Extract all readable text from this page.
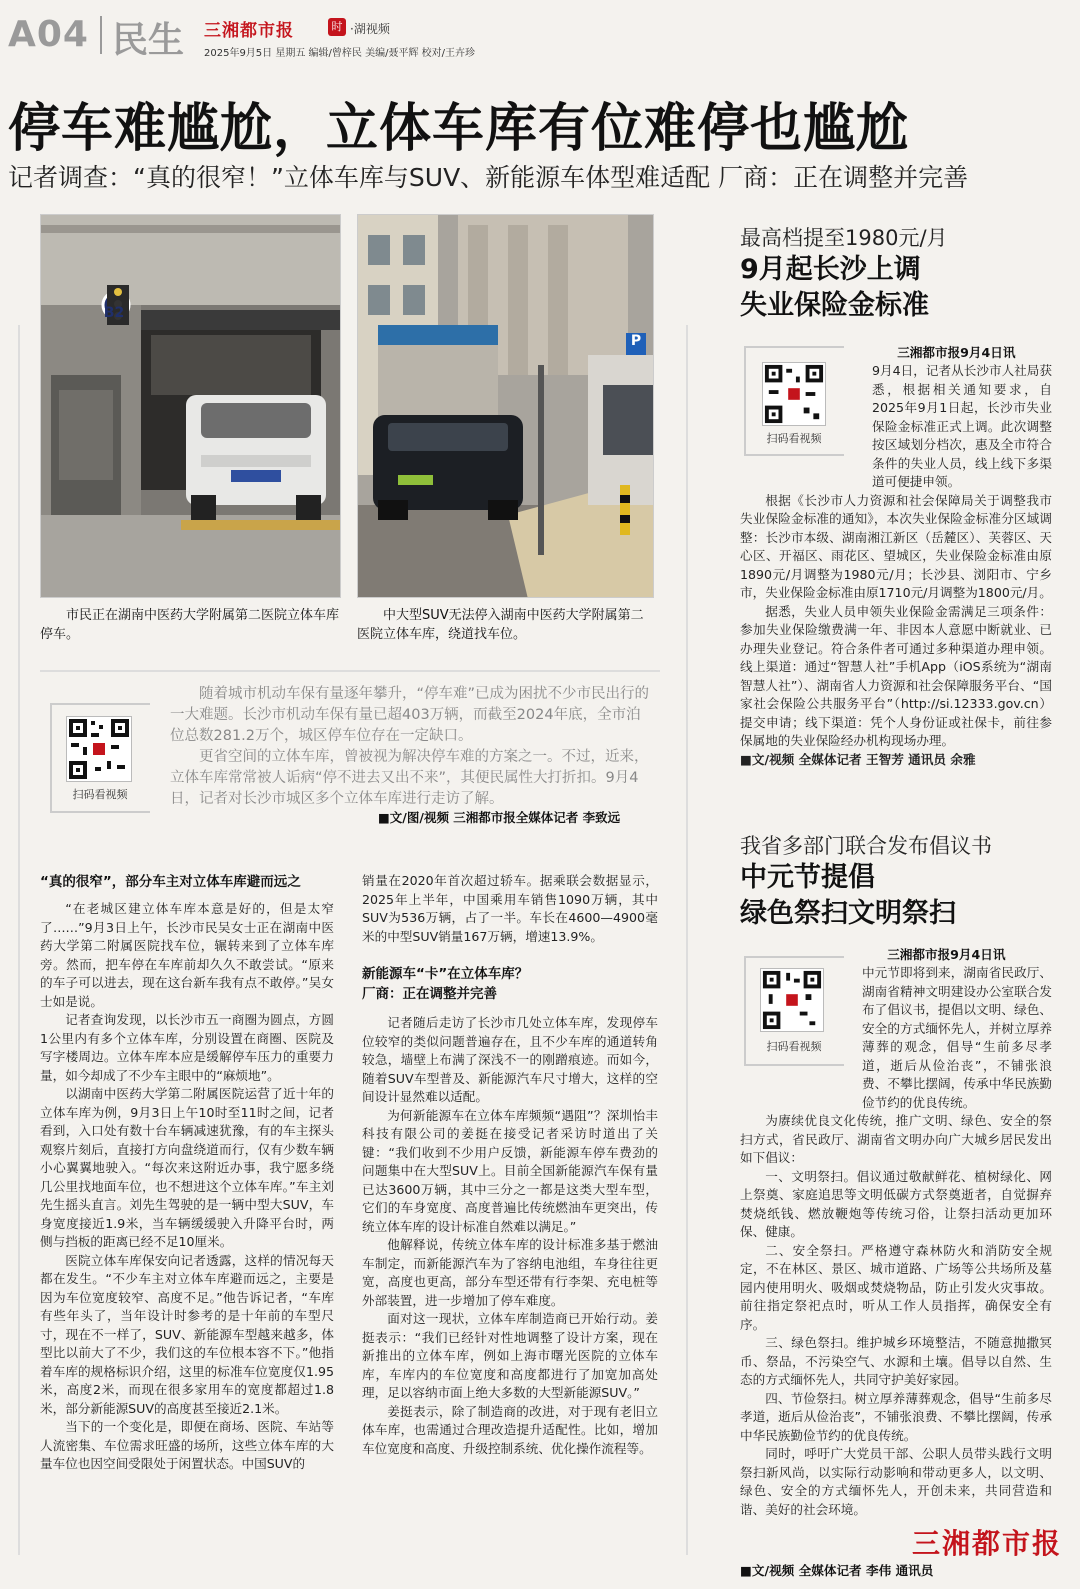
A04 民生 三湘都市报	时 ·湖视频
2025年9月5日 星期五 编辑/曾梓民 美编/聂平辉 校对/王卉珍
停车难尴尬，立体车库有位难停也尴尬
记者调查：“真的很窄！”立体车库与SUV、新能源车体型难适配 厂商：正在调整并完善
B2
P
市民正在湖南中医药大学附属第二医院立体车库停车。
中大型SUV无法停入湖南中医药大学附属第二医院立体车库，绕道找车位。
扫码看视频

随着城市机动车保有量逐年攀升，“停车难”已成为困扰不少市民出行的一大难题。长沙市机动车保有量已超403万辆，而截至2024年底，全市泊位总数281.2万个，城区停车位存在一定缺口。

更省空间的立体车库，曾被视为解决停车难的方案之一。不过，近来，立体车库常常被人诟病“停不进去又出不来”，其便民属性大打折扣。9月4日，记者对长沙市城区多个立体车库进行走访了解。

■文/图/视频 三湘都市报全媒体记者 李致远
“真的很窄”，部分车主对立体车库避而远之

“在老城区建立体车库本意是好的，但是太窄了……”9月3日上午，长沙市民吴女士正在湖南中医药大学第二附属医院找车位，辗转来到了立体车库旁。然而，把车停在车库前却久久不敢尝试。“原来的车子可以进去，现在这台新车我有点不敢停。”吴女士如是说。

记者查询发现，以长沙市五一商圈为圆点，方圆1公里内有多个立体车库，分别设置在商圈、医院及写字楼周边。立体车库本应是缓解停车压力的重要力量，如今却成了不少车主眼中的“麻烦地”。

以湖南中医药大学第二附属医院运营了近十年的立体车库为例，9月3日上午10时至11时之间，记者看到，入口处有数十台车辆减速犹豫，有的车主探头观察片刻后，直接打方向盘绕道而行，仅有少数车辆小心翼翼地驶入。“每次来这附近办事，我宁愿多绕几公里找地面车位，也不想进这个立体车库。”车主刘先生摇头直言。刘先生驾驶的是一辆中型大SUV，车身宽度接近1.9米，当车辆缓缓驶入升降平台时，两侧与挡板的距离已经不足10厘米。

医院立体车库保安向记者透露，这样的情况每天都在发生。“不少车主对立体车库避而远之，主要是因为车位宽度较窄、高度不足。”他告诉记者，“车库有些年头了，当年设计时参考的是十年前的车型尺寸，现在不一样了，SUV、新能源车型越来越多，体型比以前大了不少，我们这的车位根本容不下。”他指着车库的规格标识介绍，这里的标准车位宽度仅1.95米，高度2米，而现在很多家用车的宽度都超过1.8米，部分新能源SUV的高度甚至接近2.1米。

当下的一个变化是，即便在商场、医院、车站等人流密集、车位需求旺盛的场所，这些立体车库的大量车位也因空间受限处于闲置状态。中国SUV的

销量在2020年首次超过轿车。据乘联会数据显示，2025年上半年，中国乘用车销售1090万辆，其中SUV为536万辆，占了一半。车长在4600—4900毫米的中型SUV销量167万辆，增速13.9%。

新能源车“卡”在立体车库？
厂商：正在调整并完善

记者随后走访了长沙市几处立体车库，发现停车位较窄的类似问题普遍存在，且不少车库的通道转角较急，墙壁上布满了深浅不一的刚蹭痕迹。而如今，随着SUV车型普及、新能源汽车尺寸增大，这样的空间设计显然难以适配。

为何新能源车在立体车库频频“遇阻”？深圳怡丰科技有限公司的姜挺在接受记者采访时道出了关键：“我们收到不少用户反馈，新能源车停车费劲的问题集中在大型SUV上。目前全国新能源汽车保有量已达3600万辆，其中三分之一都是这类大型车型，它们的车身宽度、高度普遍比传统燃油车更突出，传统立体车库的设计标准自然难以满足。”

他解释说，传统立体车库的设计标准多基于燃油车制定，而新能源汽车为了容纳电池组，车身往往更宽，高度也更高，部分车型还带有行李架、充电桩等外部装置，进一步增加了停车难度。

面对这一现状，立体车库制造商已开始行动。姜挺表示：“我们已经针对性地调整了设计方案，现在新推出的立体车库，例如上海市曙光医院的立体车库，车库内的车位宽度和高度都进行了加宽加高处理，足以容纳市面上绝大多数的大型新能源SUV。”

姜挺表示，除了制造商的改进，对于现有老旧立体车库，也需通过合理改造提升适配性。比如，增加车位宽度和高度、升级控制系统、优化操作流程等。

最高档提至1980元/月
9月起长沙上调
失业保险金标准
扫码看视频

三湘都市报9月4日讯

9月4日，记者从长沙市人社局获悉，根据相关通知要求，自2025年9月1日起，长沙市失业保险金标准正式上调。此次调整按区域划分档次，惠及全市符合条件的失业人员，线上线下多渠道可便捷申领。

根据《长沙市人力资源和社会保障局关于调整我市失业保险金标准的通知》，本次失业保险金标准分区域调整：长沙市本级、湖南湘江新区（岳麓区）、芙蓉区、天心区、开福区、雨花区、望城区，失业保险金标准由原1890元/月调整为1980元/月；长沙县、浏阳市、宁乡市，失业保险金标准由原1710元/月调整为1800元/月。

据悉，失业人员申领失业保险金需满足三项条件：参加失业保险缴费满一年、非因本人意愿中断就业、已办理失业登记。符合条件者可通过多种渠道办理申领。线上渠道：通过“智慧人社”手机App（iOS系统为“湖南智慧人社”）、湖南省人力资源和社会保障服务平台、“国家社会保险公共服务平台”（http://si.12333.gov.cn）提交申请；线下渠道：凭个人身份证或社保卡，前往参保属地的失业保险经办机构现场办理。

■文/视频 全媒体记者 王智芳 通讯员 余雅

我省多部门联合发布倡议书
中元节提倡
绿色祭扫文明祭扫
扫码看视频

三湘都市报9月4日讯

中元节即将到来，湖南省民政厅、湖南省精神文明建设办公室联合发布了倡议书，提倡以文明、绿色、安全的方式缅怀先人，并树立厚养薄葬的观念，倡导“生前多尽孝道，逝后从俭治丧”，不铺张浪费、不攀比摆阔，传承中华民族勤俭节约的优良传统。

为赓续优良文化传统，推广文明、绿色、安全的祭扫方式，省民政厅、湖南省文明办向广大城乡居民发出如下倡议：

一、文明祭扫。倡议通过敬献鲜花、植树绿化、网上祭奠、家庭追思等文明低碳方式祭奠逝者，自觉摒弃焚烧纸钱、燃放鞭炮等传统习俗，让祭扫活动更加环保、健康。

二、安全祭扫。严格遵守森林防火和消防安全规定，不在林区、景区、城市道路、广场等公共场所及墓园内使用明火、吸烟或焚烧物品，防止引发火灾事故。前往指定祭祀点时，听从工作人员指挥，确保安全有序。

三、绿色祭扫。维护城乡环境整洁，不随意抛撒冥币、祭品，不污染空气、水源和土壤。倡导以自然、生态的方式缅怀先人，共同守护美好家园。

四、节俭祭扫。树立厚养薄葬观念，倡导“生前多尽孝道，逝后从俭治丧”，不铺张浪费、不攀比摆阔，传承中华民族勤俭节约的优良传统。

同时，呼吁广大党员干部、公职人员带头践行文明祭扫新风尚，以实际行动影响和带动更多人，以文明、绿色、安全的方式缅怀先人，开创未来，共同营造和谐、美好的社会环境。

■文/视频 全媒体记者 李伟 通讯员
三湘都市报
